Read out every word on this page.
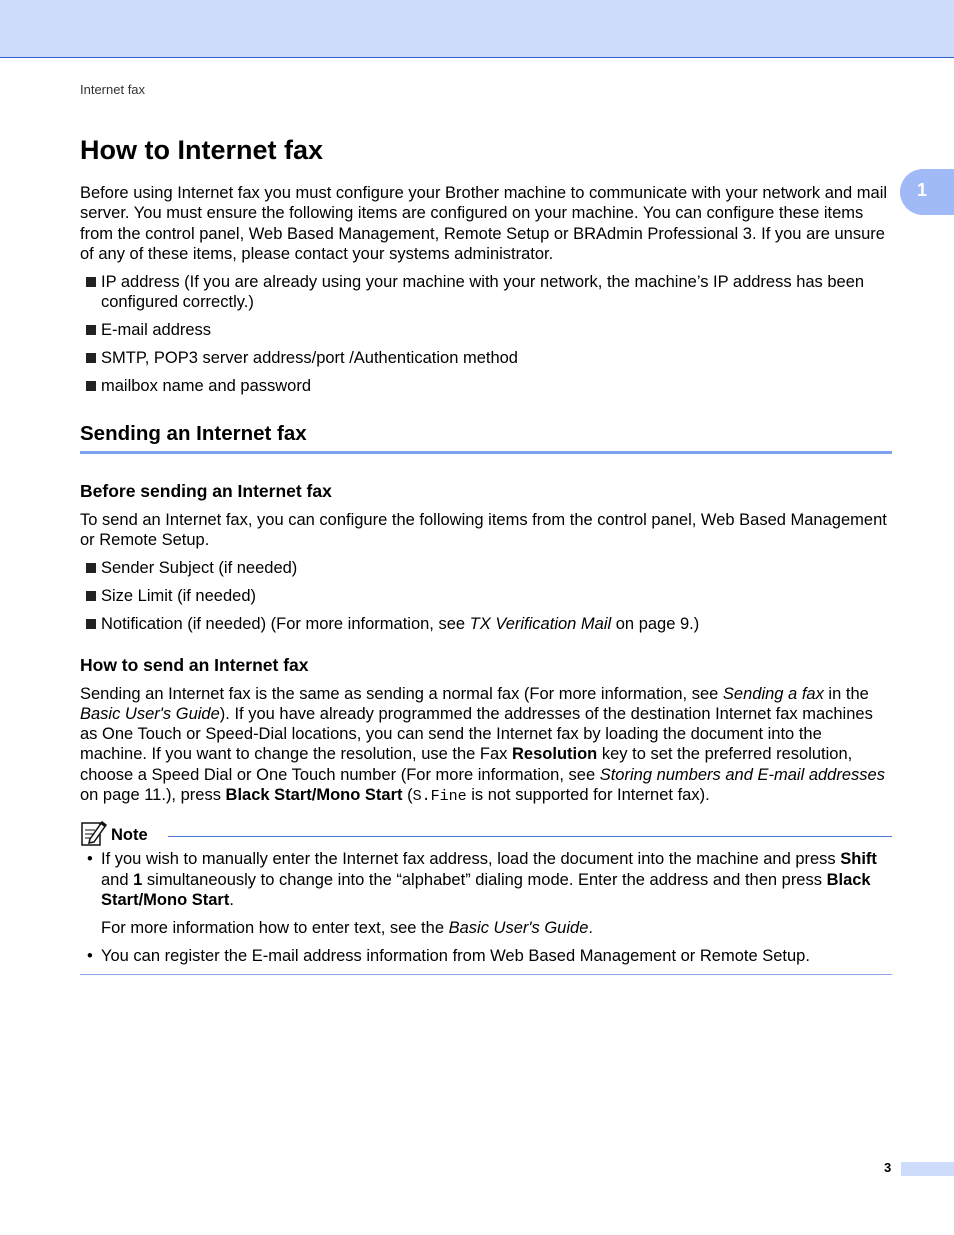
Internet fax
1
How to Internet fax

Before using Internet fax you must configure your Brother machine to communicate with your network and mail server. You must ensure the following items are configured on your machine. You can configure these items from the control panel, Web Based Management, Remote Setup or BRAdmin Professional 3. If you are unsure of any of these items, please contact your systems administrator.

IP address (If you are already using your machine with your network, the machine’s IP address has been configured correctly.)
E-mail address
SMTP, POP3 server address/port /Authentication method
mailbox name and password
Sending an Internet fax
Before sending an Internet fax

To send an Internet fax, you can configure the following items from the control panel, Web Based Management or Remote Setup.

Sender Subject (if needed)
Size Limit (if needed)
Notification (if needed) (For more information, see TX Verification Mail on page 9.)
How to send an Internet fax

Sending an Internet fax is the same as sending a normal fax (For more information, see Sending a fax in the Basic User's Guide). If you have already programmed the addresses of the destination Internet fax machines as One Touch or Speed-Dial locations, you can send the Internet fax by loading the document into the machine. If you want to change the resolution, use the Fax Resolution key to set the preferred resolution, choose a Speed Dial or One Touch number (For more information, see Storing numbers and E-mail addresses on page 11.), press Black Start/Mono Start (S.Fine is not supported for Internet fax).

Note
• If you wish to manually enter the Internet fax address, load the document into the machine and press Shift and 1 simultaneously to change into the “alphabet” dialing mode. Enter the address and then press Black Start/Mono Start.
For more information how to enter text, see the Basic User's Guide.
• You can register the E-mail address information from Web Based Management or Remote Setup.
3
